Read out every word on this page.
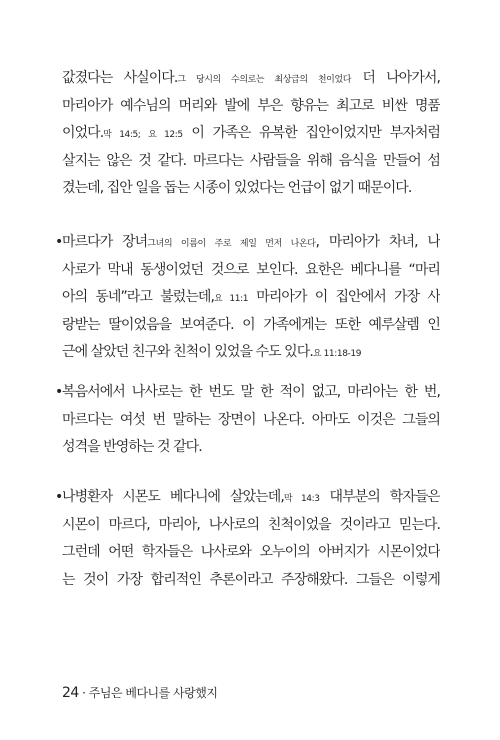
값졌다는 사실이다.그 당시의 수의로는 최상급의 천이었다 더 나아가서,
마리아가 예수님의 머리와 발에 부은 향유는 최고로 비싼 명품
이었다.막 14:5; 요 12:5 이 가족은 유복한 집안이었지만 부자처럼
살지는 않은 것 같다. 마르다는 사람들을 위해 음식을 만들어 섬
겼는데, 집안 일을 돕는 시종이 있었다는 언급이 없기 때문이다.
•
마르다가 장녀그녀의 이름이 주로 제일 먼저 나온다, 마리아가 차녀, 나
사로가 막내 동생이었던 것으로 보인다. 요한은 베다니를 “마리
아의 동네”라고 불렀는데,요 11:1 마리아가 이 집안에서 가장 사
랑받는 딸이었음을 보여준다. 이 가족에게는 또한 예루살렘 인
근에 살았던 친구와 친척이 있었을 수도 있다.요 11:18-19
•
복음서에서 나사로는 한 번도 말 한 적이 없고, 마리아는 한 번,
마르다는 여섯 번 말하는 장면이 나온다. 아마도 이것은 그들의
성격을 반영하는 것 같다.
•
나병환자 시몬도 베다니에 살았는데,막 14:3 대부분의 학자들은
시몬이 마르다, 마리아, 나사로의 친척이었을 것이라고 믿는다.
그런데 어떤 학자들은 나사로와 오누이의 아버지가 시몬이었다
는 것이 가장 합리적인 추론이라고 주장해왔다. 그들은 이렇게
24 · 주님은 베다니를 사랑했지
